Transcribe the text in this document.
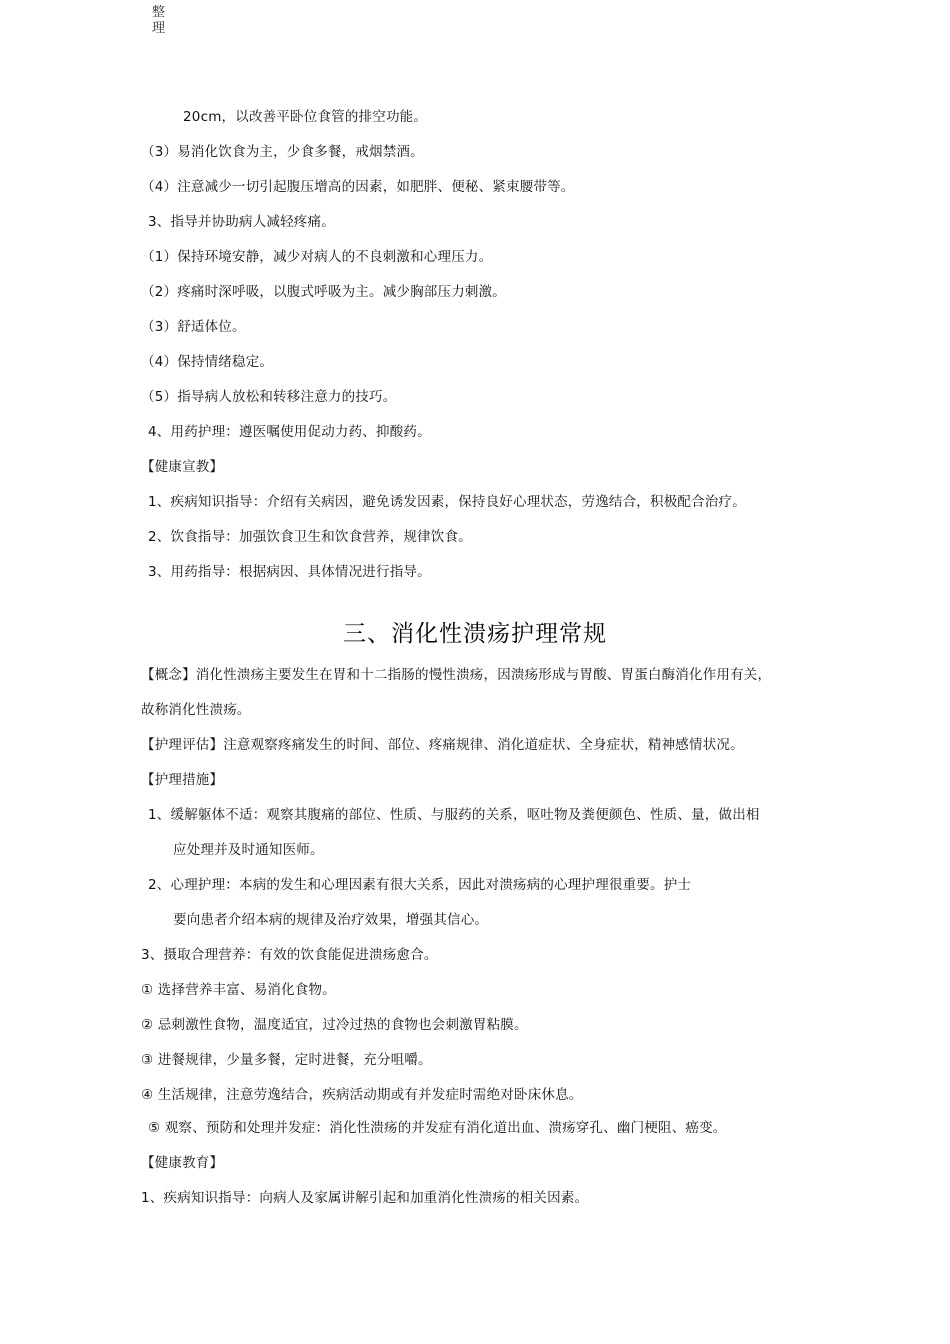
整理
20cm，以改善平卧位食管的排空功能。
（3）易消化饮食为主，少食多餐，戒烟禁酒。
（4）注意减少一切引起腹压增高的因素，如肥胖、便秘、紧束腰带等。
3、指导并协助病人减轻疼痛。
（1）保持环境安静，减少对病人的不良刺激和心理压力。
（2）疼痛时深呼吸，以腹式呼吸为主。减少胸部压力刺激。
（3）舒适体位。
（4）保持情绪稳定。
（5）指导病人放松和转移注意力的技巧。
4、用药护理：遵医嘱使用促动力药、抑酸药。
【健康宣教】
1、疾病知识指导：介绍有关病因，避免诱发因素，保持良好心理状态，劳逸结合，积极配合治疗。
2、饮食指导：加强饮食卫生和饮食营养，规律饮食。
3、用药指导：根据病因、具体情况进行指导。
三、消化性溃疡护理常规
【概念】消化性溃疡主要发生在胃和十二指肠的慢性溃疡，因溃疡形成与胃酸、胃蛋白酶消化作用有关，
故称消化性溃疡。
【护理评估】注意观察疼痛发生的时间、部位、疼痛规律、消化道症状、全身症状，精神感情状况。
【护理措施】
1、缓解躯体不适：观察其腹痛的部位、性质、与服药的关系，呕吐物及粪便颜色、性质、量，做出相
应处理并及时通知医师。
2、心理护理：本病的发生和心理因素有很大关系，因此对溃疡病的心理护理很重要。护士
要向患者介绍本病的规律及治疗效果，增强其信心。
3、摄取合理营养：有效的饮食能促进溃疡愈合。
① 选择营养丰富、易消化食物。
② 忌刺激性食物，温度适宜，过冷过热的食物也会刺激胃粘膜。
③ 进餐规律，少量多餐，定时进餐，充分咀嚼。
④ 生活规律，注意劳逸结合，疾病活动期或有并发症时需绝对卧床休息。
⑤ 观察、预防和处理并发症：消化性溃疡的并发症有消化道出血、溃疡穿孔、幽门梗阻、癌变。
【健康教育】
1、疾病知识指导：向病人及家属讲解引起和加重消化性溃疡的相关因素。
